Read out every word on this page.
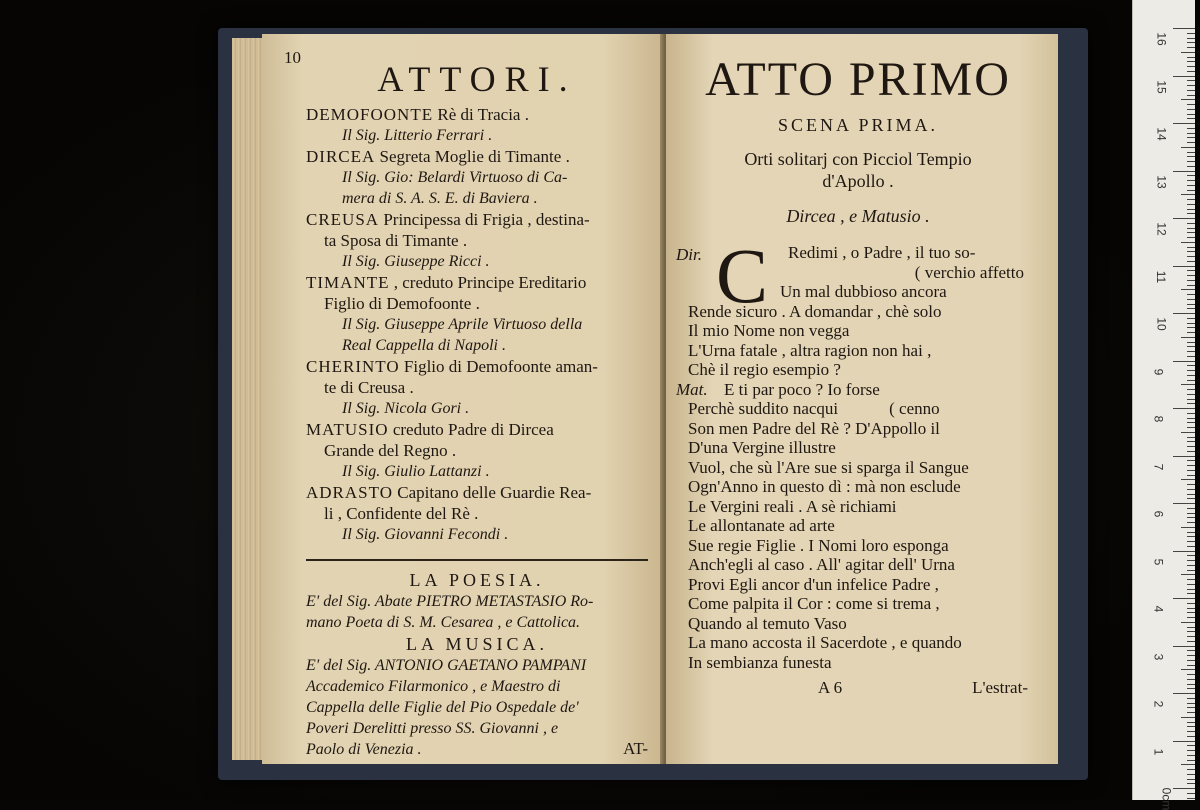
10
ATTORI.
DEMOFOONTE Rè di Tracia .
Il Sig. Litterio Ferrari .
DIRCEA Segreta Moglie di Timante .
Il Sig. Gio: Belardi Virtuoso di Ca-
mera di S. A. S. E. di Baviera .
CREUSA Principessa di Frigia , destina-
ta Sposa di Timante .
Il Sig. Giuseppe Ricci .
TIMANTE , creduto Principe Ereditario
Figlio di Demofoonte .
Il Sig. Giuseppe Aprile Virtuoso della
Real Cappella di Napoli .
CHERINTO Figlio di Demofoonte aman-
te di Creusa .
Il Sig. Nicola Gori .
MATUSIO creduto Padre di Dircea
Grande del Regno .
Il Sig. Giulio Lattanzi .
ADRASTO Capitano delle Guardie Rea-
li , Confidente del Rè .
Il Sig. Giovanni Fecondi .
LA POESIA.
E' del Sig. Abate PIETRO METASTASIO Ro-
mano Poeta di S. M. Cesarea , e Cattolica.
LA MUSICA.
E' del Sig. ANTONIO GAETANO PAMPANI
Accademico Filarmonico , e Maestro di
Cappella delle Figlie del Pio Ospedale de'
Poveri Derelitti presso SS. Giovanni , e
Paolo di Venezia .	AT-
ATTO PRIMO
SCENA PRIMA.
Orti solitarj con Picciol Tempio
d'Apollo .
Dircea , e Matusio .
Dir. C	Redimi , o Padre , il tuo so-
( verchio affetto
Un mal dubbioso ancora
Rende sicuro . A domandar , chè solo
Il mio Nome non vegga
L'Urna fatale , altra ragion non hai ,
Chè il regio esempio ?
Mat. E ti par poco ? Io forse
Perchè suddito nacqui            ( cenno
Son men Padre del Rè ? D'Appollo il
D'una Vergine illustre
Vuol, che sù l'Are sue si sparga il Sangue
Ogn'Anno in questo dì : mà non esclude
Le Vergini reali . A sè richiami
Le allontanate ad arte
Sue regie Figlie . I Nomi loro esponga
Anch'egli al caso . All' agitar dell' Urna
Provi Egli ancor d'un infelice Padre ,
Come palpita il Cor : come si trema ,
Quando al temuto Vaso
La mano accosta il Sacerdote , e quando
In sembianza funesta
A 6	L'estrat-
16
15
14
13
12
11
10
9
8
7
6
5
4
3
2
1
0cm
